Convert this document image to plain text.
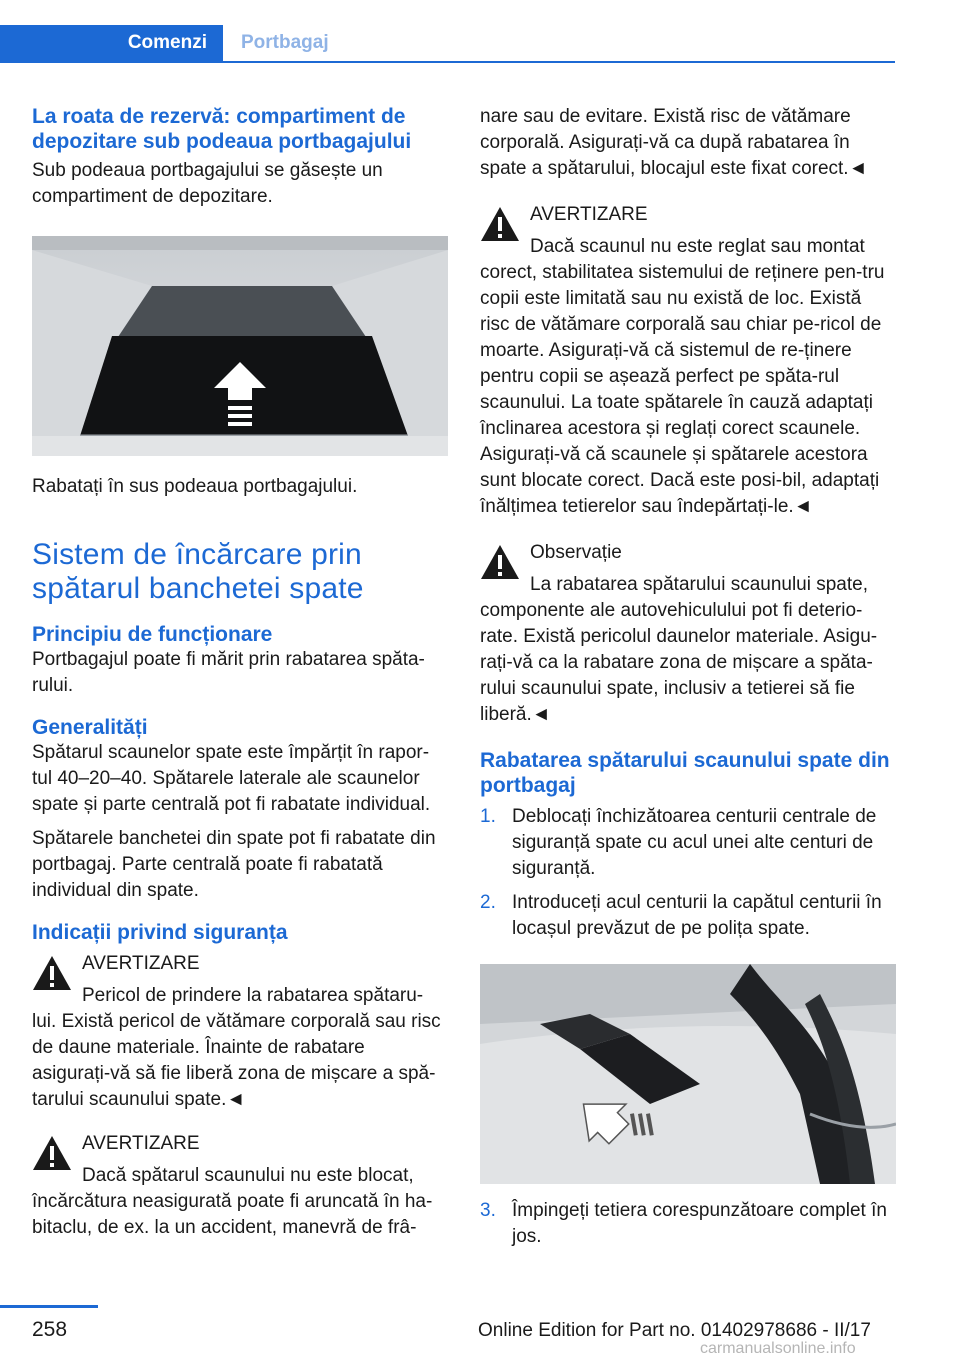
Comenzi	Portbagaj
La roata de rezervă: compartiment de depozitare sub podeaua portbagajului
Sub podeaua portbagajului se găsește un compartiment de depozitare.
Rabatați în sus podeaua portbagajului.
Sistem de încărcare prin spătarul banchetei spate
Principiu de funcționare
Portbagajul poate fi mărit prin rabatarea spăta-rului.
Generalități
Spătarul scaunelor spate este împărțit în rapor-tul 40–20–40. Spătarele laterale ale scaunelor spate și parte centrală pot fi rabatate individual.
Spătarele banchetei din spate pot fi rabatate din portbagaj. Parte centrală poate fi rabatată individual din spate.
Indicații privind siguranța
AVERTIZARE
Pericol de prindere la rabatarea spătaru-
lui. Există pericol de vătămare corporală sau risc de daune materiale. Înainte de rabatare asigurați-vă să fie liberă zona de mișcare a spă-tarului scaunului spate.◄
AVERTIZARE
Dacă spătarul scaunului nu este blocat,
încărcătura neasigurată poate fi aruncată în ha-bitaclu, de ex. la un accident, manevră de frâ-
nare sau de evitare. Există risc de vătămare corporală. Asigurați-vă ca după rabatarea în spate a spătarului, blocajul este fixat corect.◄
AVERTIZARE
Dacă scaunul nu este reglat sau montat
corect, stabilitatea sistemului de reținere pen-tru copii este limitată sau nu există de loc. Există risc de vătămare corporală sau chiar pe-ricol de moarte. Asigurați-vă că sistemul de re-ținere pentru copii se așează perfect pe spăta-rul scaunului. La toate spătarele în cauză adaptați înclinarea acestora și reglați corect scaunele. Asigurați-vă că scaunele și spătarele acestora sunt blocate corect. Dacă este posi-bil, adaptați înălțimea tetierelor sau îndepărtați-le.◄
Observație
La rabatarea spătarului scaunului spate,
componente ale autovehiculului pot fi deterio-rate. Există pericolul daunelor materiale. Asigu-rați-vă ca la rabatare zona de mișcare a spăta-rului scaunului spate, inclusiv a tetierei să fie liberă.◄
Rabatarea spătarului scaunului spate din portbagaj
1. Deblocați închizătoarea centurii centrale de siguranță spate cu acul unei alte centuri de siguranță.
2. Introduceți acul centurii la capătul centurii în locașul prevăzut de pe polița spate.
3. Împingeți tetiera corespunzătoare complet în jos.
258	Online Edition for Part no. 01402978686 - II/17
carmanualsonline.info
